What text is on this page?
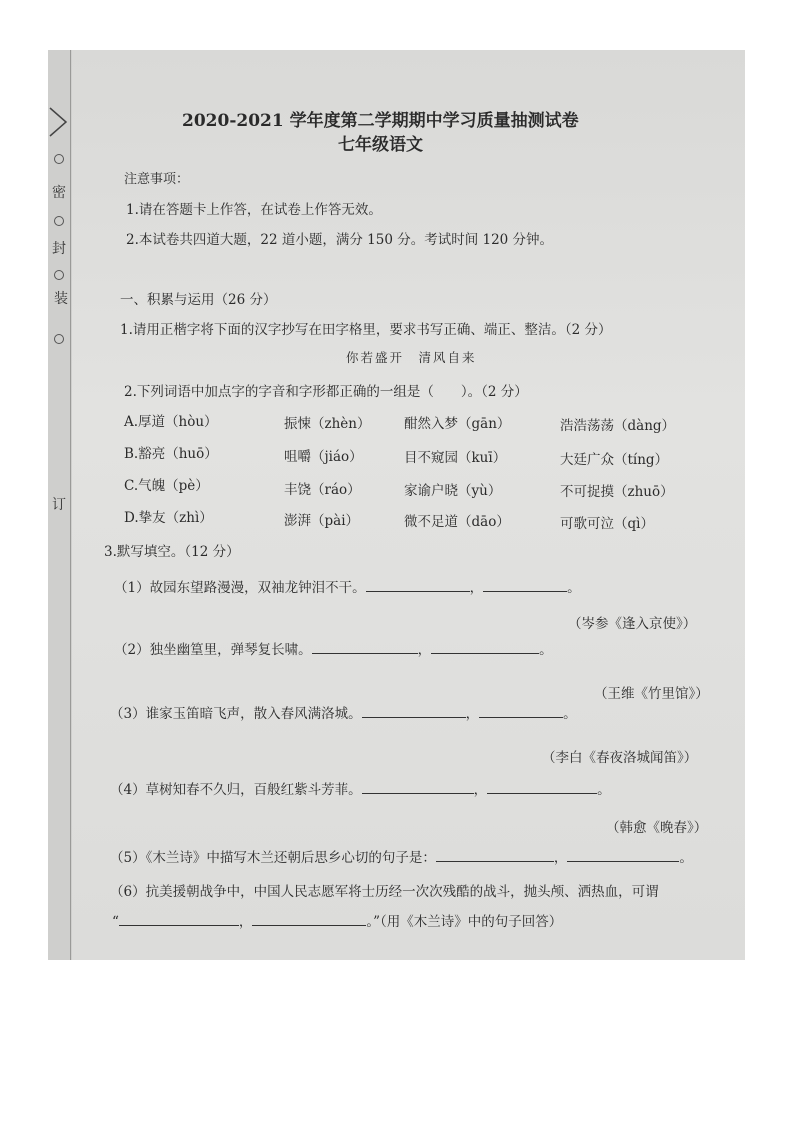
密
封
装
订
2020-2021 学年度第二学期期中学习质量抽测试卷
七年级语文
注意事项：
1.请在答题卡上作答，在试卷上作答无效。
2.本试卷共四道大题，22 道小题，满分 150 分。考试时间 120 分钟。
一、积累与运用（26 分）
1.请用正楷字将下面的汉字抄写在田字格里，要求书写正确、端正、整洁。（2 分）
你若盛开　清风自来
2.下列词语中加点字的字音和字形都正确的一组是（　　）。（2 分）
A.厚道（hòu）	振悚（zhèn） 酣然入梦（gān）	浩浩荡荡（dàng）
B.豁亮（huō）	咀嚼（jiáo）	目不窥园（kuī）	大廷广众（tíng）
C.气魄（pè）	丰饶（ráo）	家谕户晓（yù）	不可捉摸（zhuō）
D.挚友（zhì）	澎湃（pài）	微不足道（dāo）	可歌可泣（qì）
3.默写填空。（12 分）
（1）故园东望路漫漫，双袖龙钟泪不干。	，	。
（岑参《逢入京使》）
（2）独坐幽篁里，弹琴复长啸。	，	。
（王维《竹里馆》）
（3）谁家玉笛暗飞声，散入春风满洛城。	，	。
（李白《春夜洛城闻笛》）
（4）草树知春不久归，百般红紫斗芳菲。	，	。
（韩愈《晚春》）
（5）《木兰诗》中描写木兰还朝后思乡心切的句子是：	，	。
（6）抗美援朝战争中，中国人民志愿军将士历经一次次残酷的战斗，抛头颅、洒热血，可谓
“	，	。”（用《木兰诗》中的句子回答）
